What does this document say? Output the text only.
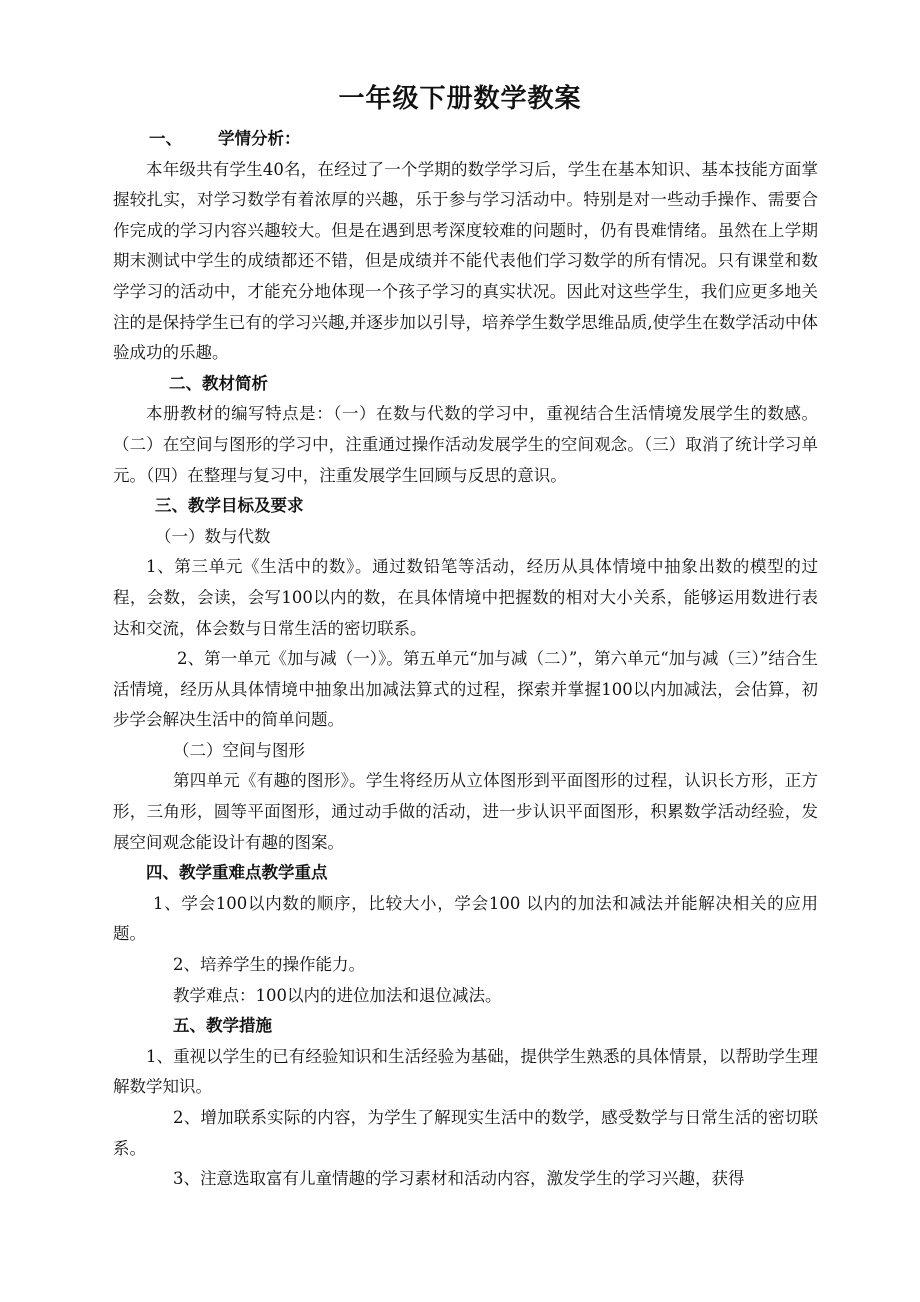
一年级下册数学教案

一、 学情分析：

本年级共有学生40名，在经过了一个学期的数学学习后，学生在基本知识、基本技能方面掌握较扎实，对学习数学有着浓厚的兴趣，乐于参与学习活动中。特别是对一些动手操作、需要合作完成的学习内容兴趣较大。但是在遇到思考深度较难的问题时，仍有畏难情绪。虽然在上学期期末测试中学生的成绩都还不错，但是成绩并不能代表他们学习数学的所有情况。只有课堂和数学学习的活动中，才能充分地体现一个孩子学习的真实状况。因此对这些学生，我们应更多地关注的是保持学生已有的学习兴趣,并逐步加以引导，培养学生数学思维品质,使学生在数学活动中体验成功的乐趣。

二、教材简析

本册教材的编写特点是：（一）在数与代数的学习中，重视结合生活情境发展学生的数感。（二）在空间与图形的学习中，注重通过操作活动发展学生的空间观念。（三）取消了统计学习单元。（四）在整理与复习中，注重发展学生回顾与反思的意识。

三、教学目标及要求

（一）数与代数

1、第三单元《生活中的数》。通过数铅笔等活动，经历从具体情境中抽象出数的模型的过程，会数，会读，会写100以内的数，在具体情境中把握数的相对大小关系，能够运用数进行表达和交流，体会数与日常生活的密切联系。

2、第一单元《加与减（一）》。第五单元“加与减（二）”，第六单元“加与减（三）”结合生活情境，经历从具体情境中抽象出加减法算式的过程，探索并掌握100以内加减法，会估算，初步学会解决生活中的简单问题。

（二）空间与图形

第四单元《有趣的图形》。学生将经历从立体图形到平面图形的过程，认识长方形，正方形，三角形，圆等平面图形，通过动手做的活动，进一步认识平面图形，积累数学活动经验，发展空间观念能设计有趣的图案。

四、教学重难点教学重点

1、学会100以内数的顺序，比较大小，学会100 以内的加法和减法并能解决相关的应用题。

2、培养学生的操作能力。

教学难点：100以内的进位加法和退位减法。

五、教学措施

1、重视以学生的已有经验知识和生活经验为基础，提供学生熟悉的具体情景，以帮助学生理解数学知识。

2、增加联系实际的内容，为学生了解现实生活中的数学，感受数学与日常生活的密切联系。

3、注意选取富有儿童情趣的学习素材和活动内容，激发学生的学习兴趣，获得
